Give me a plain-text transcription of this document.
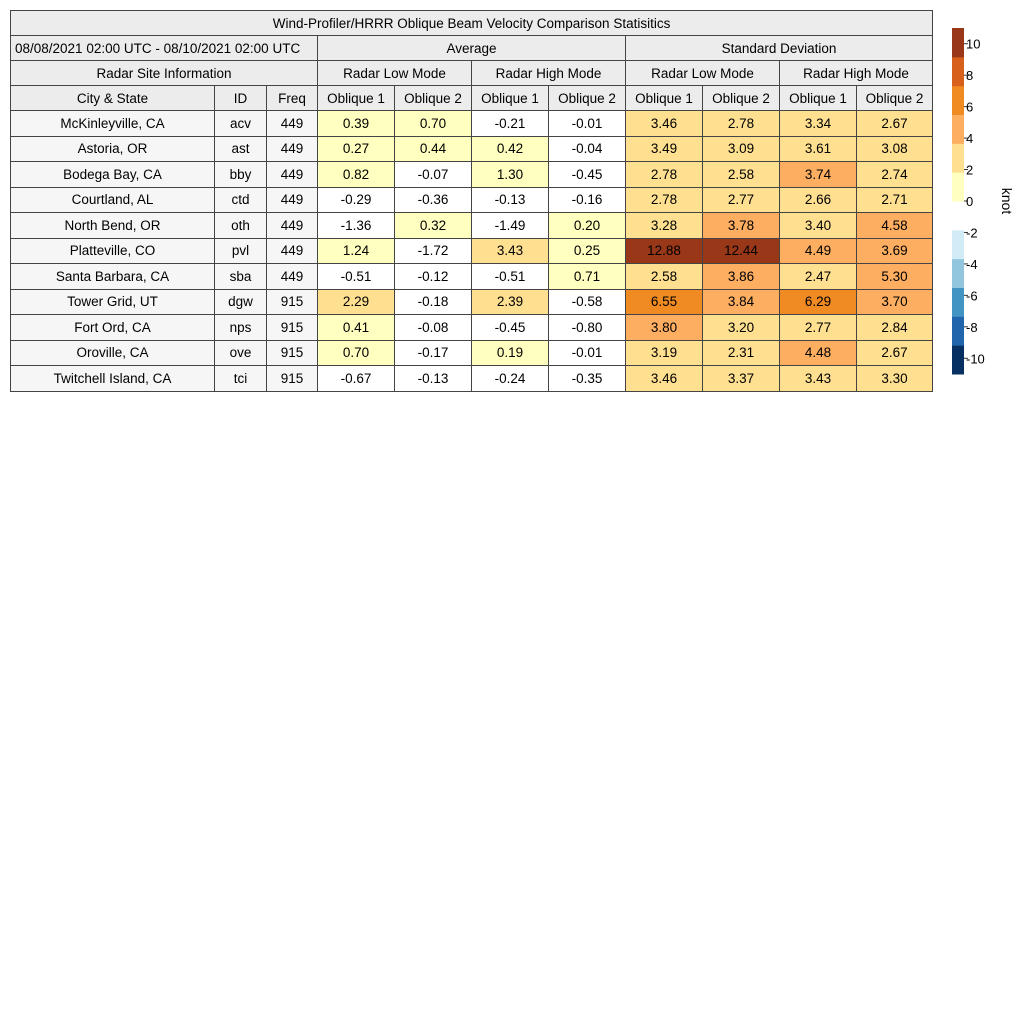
Wind-Profiler/HRRR Oblique Beam Velocity Comparison Statisitics										
08/08/2021 02:00 UTC - 08/10/2021 02:00 UTC			Average				Standard Deviation			
Radar Site Information			Radar Low Mode		Radar High Mode		Radar Low Mode		Radar High Mode	
City & State	ID	Freq	Oblique 1	Oblique 2	Oblique 1	Oblique 2	Oblique 1	Oblique 2	Oblique 1	Oblique 2
McKinleyville, CA	acv	449	0.39	0.70	-0.21	-0.01	3.46	2.78	3.34	2.67
Astoria, OR	ast	449	0.27	0.44	0.42	-0.04	3.49	3.09	3.61	3.08
Bodega Bay, CA	bby	449	0.82	-0.07	1.30	-0.45	2.78	2.58	3.74	2.74
Courtland, AL	ctd	449	-0.29	-0.36	-0.13	-0.16	2.78	2.77	2.66	2.71
North Bend, OR	oth	449	-1.36	0.32	-1.49	0.20	3.28	3.78	3.40	4.58
Platteville, CO	pvl	449	1.24	-1.72	3.43	0.25	12.88	12.44	4.49	3.69
Santa Barbara, CA	sba	449	-0.51	-0.12	-0.51	0.71	2.58	3.86	2.47	5.30
Tower Grid, UT	dgw	915	2.29	-0.18	2.39	-0.58	6.55	3.84	6.29	3.70
Fort Ord, CA	nps	915	0.41	-0.08	-0.45	-0.80	3.80	3.20	2.77	2.84
Oroville, CA	ove	915	0.70	-0.17	0.19	-0.01	3.19	2.31	4.48	2.67
Twitchell Island, CA	tci	915	-0.67	-0.13	-0.24	-0.35	3.46	3.37	3.43	3.30
10
8
6
4
2
0
-2
-4
-6
-8
-10
knot
